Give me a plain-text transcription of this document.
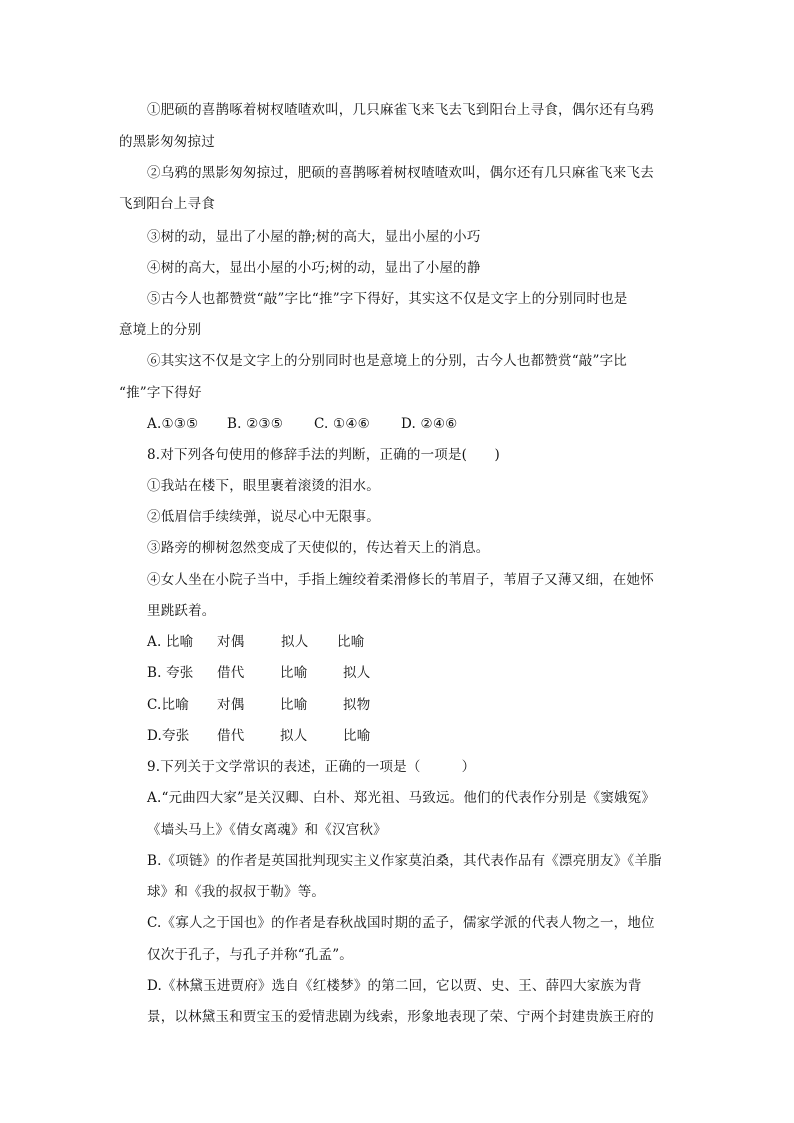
①肥硕的喜鹊啄着树杈喳喳欢叫，几只麻雀飞来飞去飞到阳台上寻食，偶尔还有乌鸦
的黑影匆匆掠过
②乌鸦的黑影匆匆掠过，肥硕的喜鹊啄着树杈喳喳欢叫，偶尔还有几只麻雀飞来飞去
飞到阳台上寻食
③树的动，显出了小屋的静;树的高大，显出小屋的小巧
④树的高大，显出小屋的小巧;树的动，显出了小屋的静
⑤古今人也都赞赏“敲”字比“推”字下得好，其实这不仅是文字上的分别同时也是
意境上的分别
⑥其实这不仅是文字上的分别同时也是意境上的分别，古今人也都赞赏“敲”字比
“推”字下得好
A.①③⑤ B. ②③⑤ C. ①④⑥ D. ②④⑥
8.对下列各句使用的修辞手法的判断，正确的一项是(　　)
①我站在楼下，眼里裹着滚烫的泪水。
②低眉信手续续弹，说尽心中无限事。
③路旁的柳树忽然变成了天使似的，传达着天上的消息。
④女人坐在小院子当中，手指上缠绞着柔滑修长的苇眉子，苇眉子又薄又细，在她怀
里跳跃着。
A. 比喻 对偶	拟人 比喻
B. 夸张 借代	比喻	拟人
C.比喻 对偶	比喻	拟物
D.夸张 借代	拟人	比喻
9.下列关于文学常识的表述，正确的一项是（　　　）
A.“元曲四大家”是关汉卿、白朴、郑光祖、马致远。他们的代表作分别是《窦娥冤》
《墙头马上》《倩女离魂》和《汉宫秋》
B.《项链》的作者是英国批判现实主义作家莫泊桑，其代表作品有《漂亮朋友》《羊脂
球》和《我的叔叔于勒》等。
C.《寡人之于国也》的作者是春秋战国时期的孟子，儒家学派的代表人物之一，地位
仅次于孔子，与孔子并称“孔孟”。
D.《林黛玉进贾府》选自《红楼梦》的第二回，它以贾、史、王、薛四大家族为背
景，以林黛玉和贾宝玉的爱情悲剧为线索，形象地表现了荣、宁两个封建贵族王府的
